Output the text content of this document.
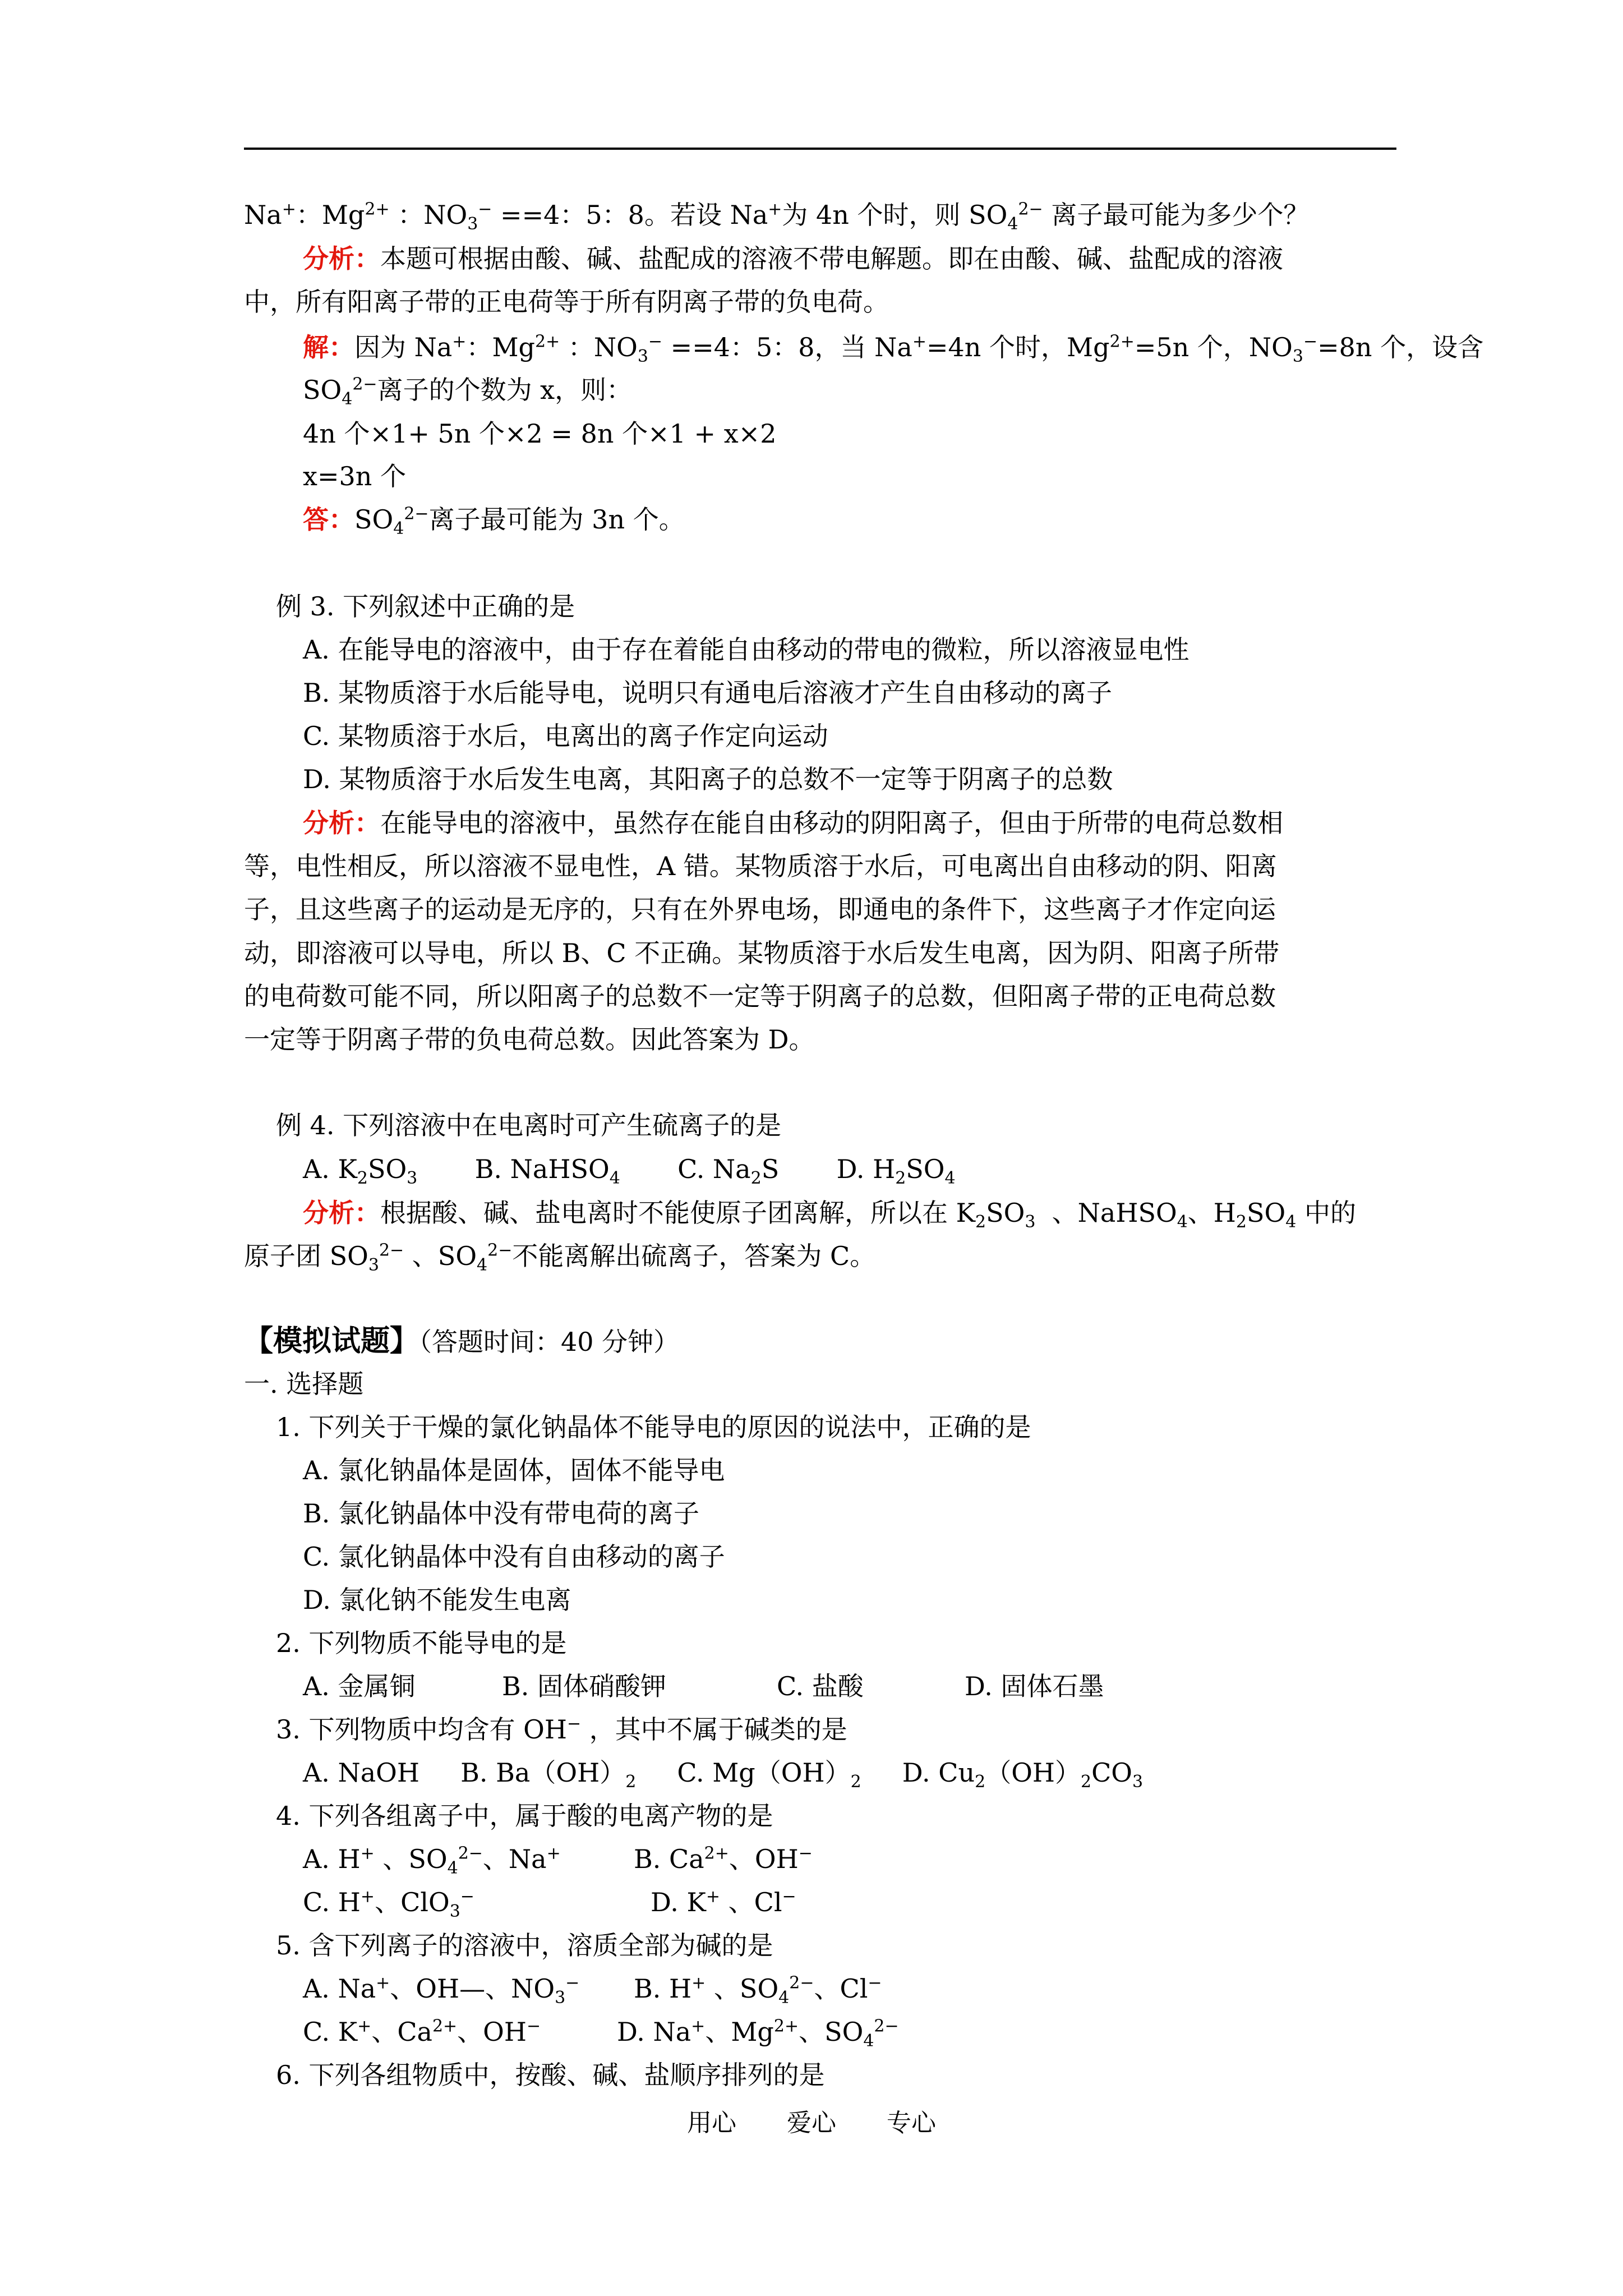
Na+：$Mg^{2+}$ ：$NO_3^- ==4$：5：8。若设 Na+为 4n 个时，则 $SO_4^{2-}$ 离子最可能为多少个？
分析：本题可根据由酸、碱、盐配成的溶液不带电解题。即在由酸、碱、盐配成的溶液
中，所有阳离子带的正电荷等于所有阴离子带的负电荷。
解：因为 Na+：$Mg^{2+}$ ：$NO_3^- ==4$：5：8，当 Na+=4n 个时，$Mg^{2+}=5n$ 个，$NO_3^-=8n$ 个，设含
$SO_4^{2-}$离子的个数为 x，则：
4n 个×1+ 5n 个×2 = 8n 个×1 + x×2
x=3n 个
答：$SO_4^{2-}$离子最可能为 3n 个。
例 3. 下列叙述中正确的是
A. 在能导电的溶液中，由于存在着能自由移动的带电的微粒，所以溶液显电性
B. 某物质溶于水后能导电，说明只有通电后溶液才产生自由移动的离子
C. 某物质溶于水后，电离出的离子作定向运动
D. 某物质溶于水后发生电离，其阳离子的总数不一定等于阴离子的总数
分析：在能导电的溶液中，虽然存在能自由移动的阴阳离子，但由于所带的电荷总数相
等，电性相反，所以溶液不显电性，A 错。某物质溶于水后，可电离出自由移动的阴、阳离
子，且这些离子的运动是无序的，只有在外界电场，即通电的条件下，这些离子才作定向运
动，即溶液可以导电，所以 B、C 不正确。某物质溶于水后发生电离，因为阴、阳离子所带
的电荷数可能不同，所以阳离子的总数不一定等于阴离子的总数，但阳离子带的正电荷总数
一定等于阴离子带的负电荷总数。因此答案为 D。
例 4. 下列溶液中在电离时可产生硫离子的是
A. $K_2SO_3$       B. NaHSO$_4$       C. $Na_2S$       D. $H_2SO_4$
分析：根据酸、碱、盐电离时不能使原子团离解，所以在 $K_2SO_3$  、NaHSO$_4$、$H_2SO_4$ 中的
原子团 $SO_3^{2-}$ 、$SO_4^{2-}$不能离解出硫离子，答案为 C。
【模拟试题】（答题时间：40 分钟）
一. 选择题
1. 下列关于干燥的氯化钠晶体不能导电的原因的说法中，正确的是
A. 氯化钠晶体是固体，固体不能导电
B. 氯化钠晶体中没有带电荷的离子
C. 氯化钠晶体中没有自由移动的离子
D. 氯化钠不能发生电离
2. 下列物质不能导电的是
A. 金属铜	B. 固体硝酸钾	C. 盐酸	D. 固体石墨
3. 下列物质中均含有 OH− ，其中不属于碱类的是
A. NaOH     B. $Ba(OH)_2$     C. $Mg(OH)_2$     D. $Cu_2(OH)_2CO_3$
4. 下列各组离子中，属于酸的电离产物的是
A. H+ 、$SO_4^{2-}$、Na+	B. $Ca^{2+}$、OH−
C. H+、ClO$_3$−	D. K+ 、Cl−
5. 含下列离子的溶液中，溶质全部为碱的是
A. Na+、OH—、$NO_3^-$ B. H+ 、$SO_4^{2-}$、Cl−
C. K+、$Ca^{2+}$、OH−	D. Na+、$Mg^{2+}$、$SO_4^{2-}$
6. 下列各组物质中，按酸、碱、盐顺序排列的是
用心 爱心 专心
